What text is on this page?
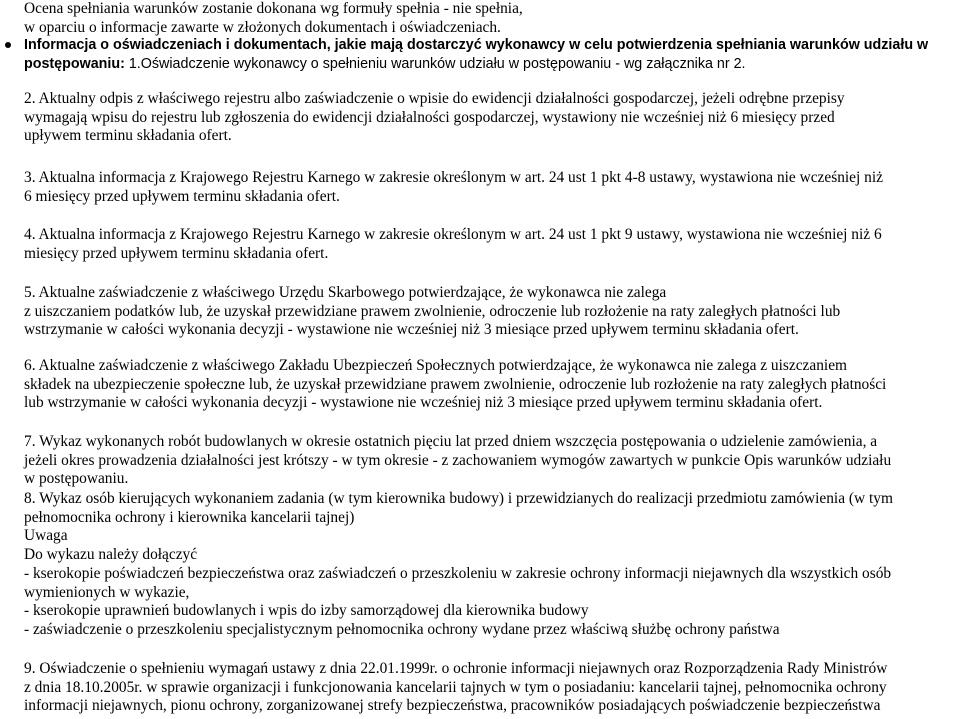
Ocena spełniania warunków zostanie dokonana wg formuły spełnia - nie spełnia,
w oparciu o informacje zawarte w złożonych dokumentach i oświadczeniach.

Informacja o oświadczeniach i dokumentach, jakie mają dostarczyć wykonawcy w celu potwierdzenia spełniania warunków udziału w postępowaniu: 1.Oświadczenie wykonawcy o spełnieniu warunków udziału w postępowaniu - wg załącznika nr 2.

2. Aktualny odpis z właściwego rejestru albo zaświadczenie o wpisie do ewidencji działalności gospodarczej, jeżeli odrębne przepisy
wymagają wpisu do rejestru lub zgłoszenia do ewidencji działalności gospodarczej, wystawiony nie wcześniej niż 6 miesięcy przed
upływem terminu składania ofert.

3. Aktualna informacja z Krajowego Rejestru Karnego w zakresie określonym w art. 24 ust 1 pkt 4-8 ustawy, wystawiona nie wcześniej niż
6 miesięcy przed upływem terminu składania ofert.

4. Aktualna informacja z Krajowego Rejestru Karnego w zakresie określonym w art. 24 ust 1 pkt 9 ustawy, wystawiona nie wcześniej niż 6
miesięcy przed upływem terminu składania ofert.

5. Aktualne zaświadczenie z właściwego Urzędu Skarbowego potwierdzające, że wykonawca nie zalega
z uiszczaniem podatków lub, że uzyskał przewidziane prawem zwolnienie, odroczenie lub rozłożenie na raty zaległych płatności lub
wstrzymanie w całości wykonania decyzji - wystawione nie wcześniej niż 3 miesiące przed upływem terminu składania ofert.

6. Aktualne zaświadczenie z właściwego Zakładu Ubezpieczeń Społecznych potwierdzające, że wykonawca nie zalega z uiszczaniem
składek na ubezpieczenie społeczne lub, że uzyskał przewidziane prawem zwolnienie, odroczenie lub rozłożenie na raty zaległych płatności
lub wstrzymanie w całości wykonania decyzji - wystawione nie wcześniej niż 3 miesiące przed upływem terminu składania ofert.

7. Wykaz wykonanych robót budowlanych w okresie ostatnich pięciu lat przed dniem wszczęcia postępowania o udzielenie zamówienia, a
jeżeli okres prowadzenia działalności jest krótszy - w tym okresie - z zachowaniem wymogów zawartych w punkcie Opis warunków udziału
w postępowaniu.

8. Wykaz osób kierujących wykonaniem zadania (w tym kierownika budowy) i przewidzianych do realizacji przedmiotu zamówienia (w tym
pełnomocnika ochrony i kierownika kancelarii tajnej)
Uwaga
Do wykazu należy dołączyć
- kserokopie poświadczeń bezpieczeństwa oraz zaświadczeń o przeszkoleniu w zakresie ochrony informacji niejawnych dla wszystkich osób
wymienionych w wykazie,
- kserokopie uprawnień budowlanych i wpis do izby samorządowej dla kierownika budowy
- zaświadczenie o przeszkoleniu specjalistycznym pełnomocnika ochrony wydane przez właściwą służbę ochrony państwa

9. Oświadczenie o spełnieniu wymagań ustawy z dnia 22.01.1999r. o ochronie informacji niejawnych oraz Rozporządzenia Rady Ministrów
z dnia 18.10.2005r. w sprawie organizacji i funkcjonowania kancelarii tajnych w tym o posiadaniu: kancelarii tajnej, pełnomocnika ochrony
informacji niejawnych, pionu ochrony, zorganizowanej strefy bezpieczeństwa, pracowników posiadających poświadczenie bezpieczeństwa
